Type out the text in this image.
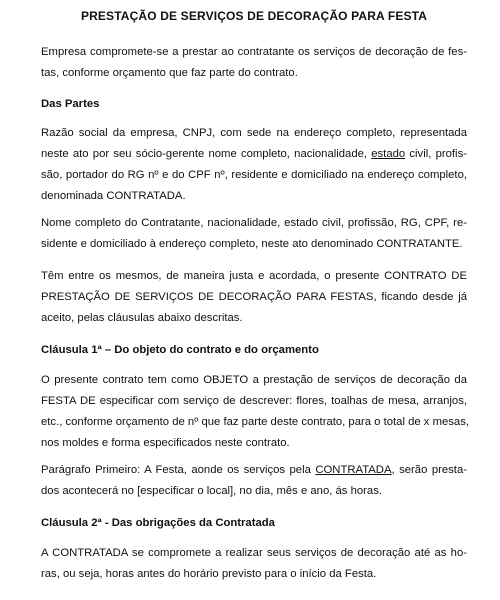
PRESTAÇÃO DE SERVIÇOS DE DECORAÇÃO PARA FESTA
Empresa compromete-se a prestar ao contratante os serviços de decoração de fes-
tas, conforme orçamento que faz parte do contrato.
Das Partes
Razão social da empresa, CNPJ, com sede na endereço completo, representada
neste ato por seu sócio-gerente nome completo, nacionalidade, estado civil, profis-
são, portador do RG nº e do CPF nº, residente e domiciliado na endereço completo,
denominada CONTRATADA.
Nome completo do Contratante, nacionalidade, estado civil, profissão, RG, CPF, re-
sidente e domiciliado à endereço completo, neste ato denominado CONTRATANTE.
Têm entre os mesmos, de maneira justa e acordada, o presente CONTRATO DE
PRESTAÇÃO DE SERVIÇOS DE DECORAÇÃO PARA FESTAS, ficando desde já
aceito, pelas cláusulas abaixo descritas.
Cláusula 1ª – Do objeto do contrato e do orçamento
O presente contrato tem como OBJETO a prestação de serviços de decoração da
FESTA DE especificar com serviço de descrever: flores, toalhas de mesa, arranjos,
etc., conforme orçamento de nº que faz parte deste contrato, para o total de x mesas,
nos moldes e forma especificados neste contrato.
Parágrafo Primeiro: A Festa, aonde os serviços pela CONTRATADA, serão presta-
dos acontecerá no [especificar o local], no dia, mês e ano, ás horas.
Cláusula 2ª - Das obrigações da Contratada
A CONTRATADA se compromete a realizar seus serviços de decoração até as ho-
ras, ou seja, horas antes do horário previsto para o início da Festa.
